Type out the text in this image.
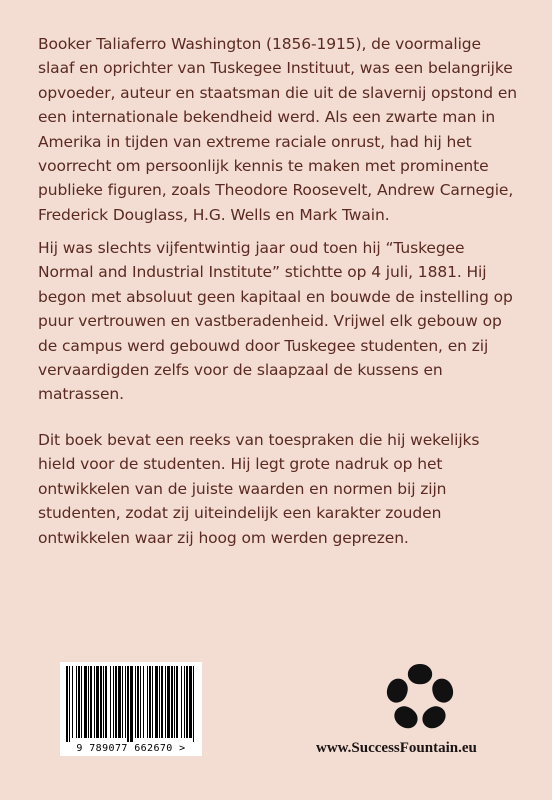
Booker Taliaferro Washington (1856-1915), de voormalige slaaf en oprichter van Tuskegee Instituut, was een belangrijke opvoeder, auteur en staatsman die uit de slavernij opstond en een internationale bekendheid werd. Als een zwarte man in Amerika in tijden van extreme raciale onrust, had hij het voorrecht om persoonlijk kennis te maken met prominente publieke figuren, zoals Theodore Roosevelt, Andrew Carnegie, Frederick Douglass, H.G. Wells en Mark Twain.

Hij was slechts vijfentwintig jaar oud toen hij “Tuskegee Normal and Industrial Institute” stichtte op 4 juli, 1881. Hij begon met absoluut geen kapitaal en bouwde de instelling op puur vertrouwen en vastberadenheid. Vrijwel elk gebouw op de campus werd gebouwd door Tuskegee studenten, en zij vervaardigden zelfs voor de slaapzaal de kussens en matrassen.

Dit boek bevat een reeks van toespraken die hij wekelijks hield voor de studenten. Hij legt grote nadruk op het ontwikkelen van de juiste waarden en normen bij zijn studenten, zodat zij uiteindelijk een karakter zouden ontwikkelen waar zij hoog om werden geprezen.

9 789077 662670 >	www.SuccessFountain.eu
